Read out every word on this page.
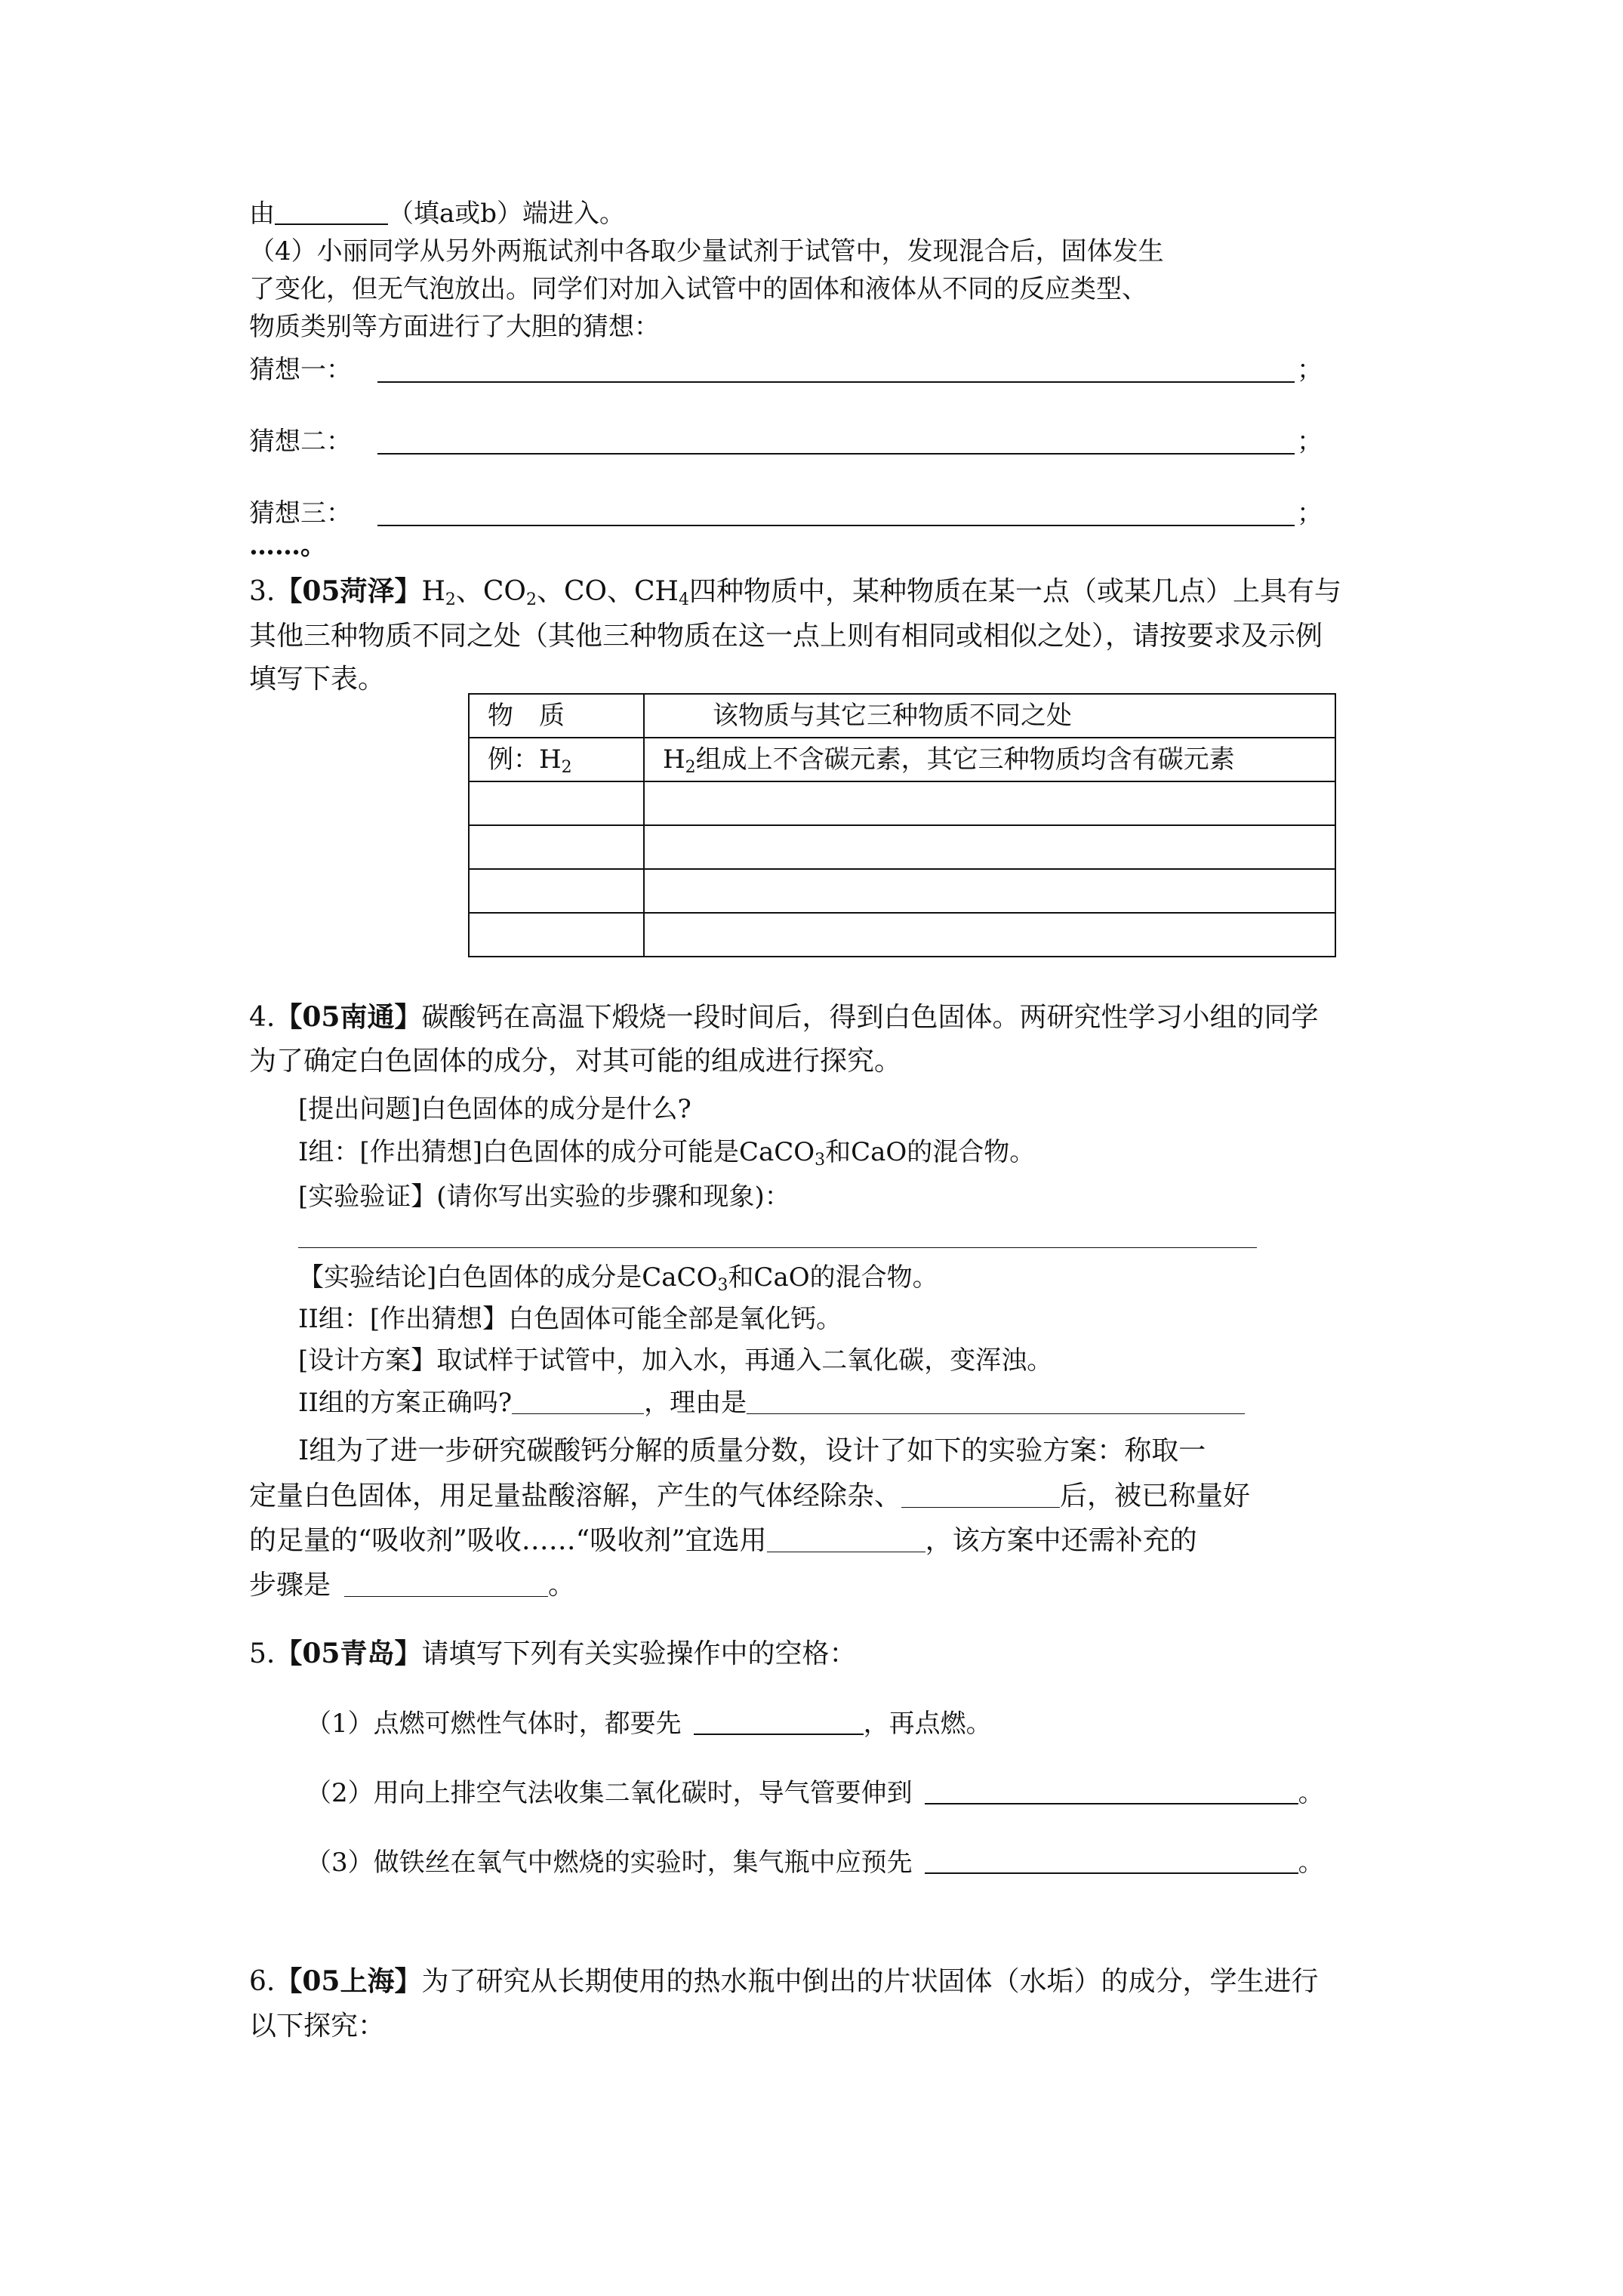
由	（填a或b）端进入。
（4）小丽同学从另外两瓶试剂中各取少量试剂于试管中，发现混合后，固体发生
了变化，但无气泡放出。同学们对加入试管中的固体和液体从不同的反应类型、
物质类别等方面进行了大胆的猜想：
猜想一：	；
猜想二：	；
猜想三：	；
……。
3.【05菏泽】$H_2$、$CO_2$、CO、$CH_4$四种物质中，某种物质在某一点（或某几点）上具有与
其他三种物质不同之处（其他三种物质在这一点上则有相同或相似之处），请按要求及示例
填写下表。
物　质	该物质与其它三种物质不同之处
例：$H_2$	$H_2$组成上不含碳元素，其它三种物质均含有碳元素

4.【05南通】碳酸钙在高温下煅烧一段时间后，得到白色固体。两研究性学习小组的同学
为了确定白色固体的成分，对其可能的组成进行探究。
[提出问题]白色固体的成分是什么?
I组：[作出猜想]白色固体的成分可能是CaCO$_3$和CaO的混合物。
[实验验证】(请你写出实验的步骤和现象)：
【实验结论]白色固体的成分是CaCO$_3$和CaO的混合物。
II组：[作出猜想】白色固体可能全部是氧化钙。
[设计方案】取试样于试管中，加入水，再通入二氧化碳，变浑浊。
II组的方案正确吗?	，理由是
I组为了进一步研究碳酸钙分解的质量分数，设计了如下的实验方案：称取一
定量白色固体，用足量盐酸溶解，产生的气体经除杂、	后，被已称量好
的足量的“吸收剂”吸收……“吸收剂”宜选用	，该方案中还需补充的
步骤是	。
5.【05青岛】请填写下列有关实验操作中的空格：
（1）点燃可燃性气体时，都要先	，再点燃。
（2）用向上排空气法收集二氧化碳时，导气管要伸到	。
（3）做铁丝在氧气中燃烧的实验时，集气瓶中应预先	。
6.【05上海】为了研究从长期使用的热水瓶中倒出的片状固体（水垢）的成分，学生进行
以下探究：
